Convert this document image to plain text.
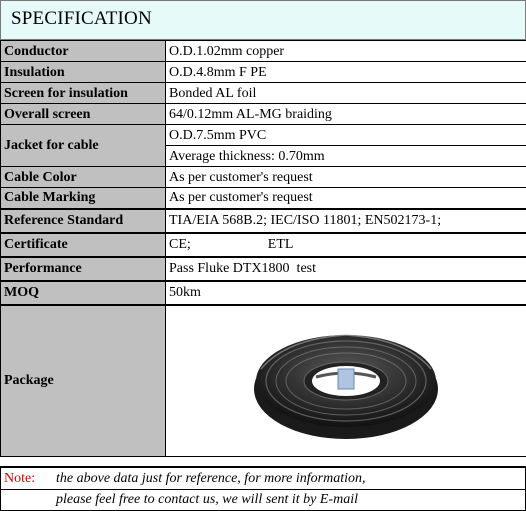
SPECIFICATION
Conductor	O.D.1.02mm copper
Insulation	O.D.4.8mm F PE
Screen for insulation	Bonded AL foil
Overall screen	64/0.12mm AL-MG braiding
Jacket for cable	O.D.7.5mm PVC
	Average thickness: 0.70mm
Cable Color	As per customer's request
Cable Marking	As per customer's request
Reference Standard	TIA/EIA 568B.2; IEC/ISO 11801; EN502173-1;
Certificate	CE;                      ETL
Performance	Pass Fluke DTX1800  test
MOQ	50km
Package	
Note: the above data just for reference, for more information,
please feel free to contact us, we will sent it by E-mail
